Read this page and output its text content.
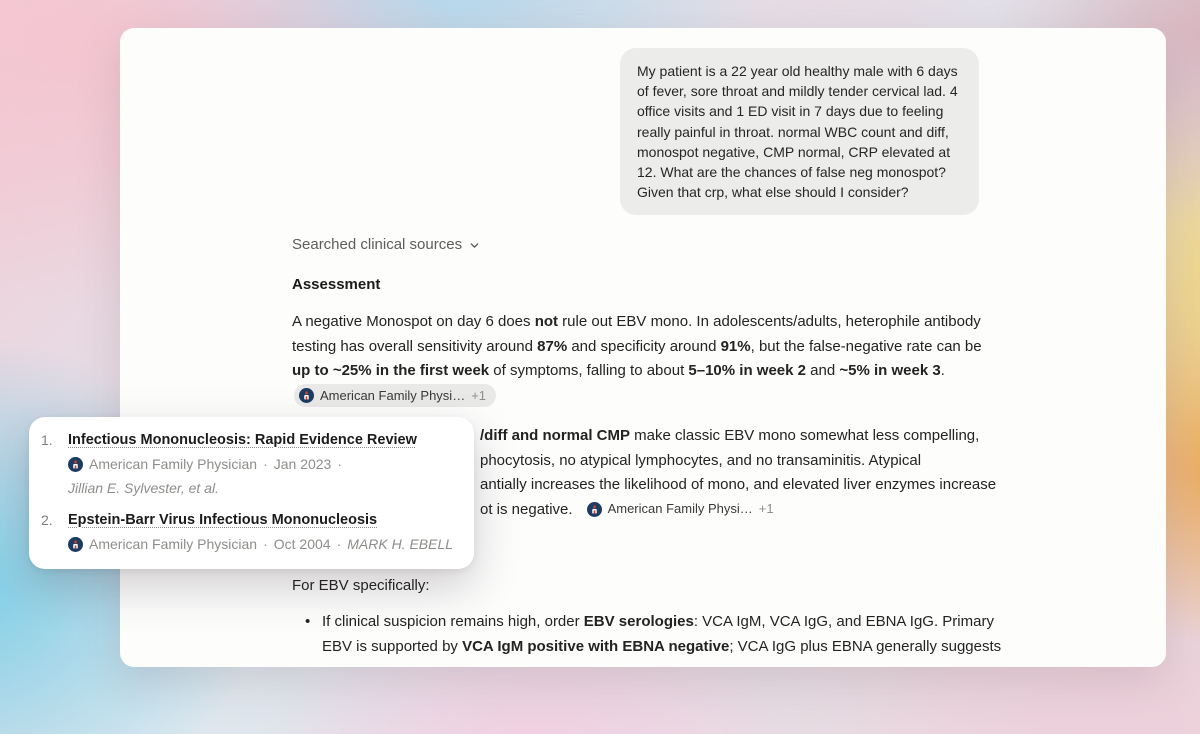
My patient is a 22 year old healthy male with 6 days of fever, sore throat and mildly tender cervical lad. 4 office visits and 1 ED visit in 7 days due to feeling really painful in throat. normal WBC count and diff, monospot negative, CMP normal, CRP elevated at 12. What are the chances of false neg monospot? Given that crp, what else should I consider?
Searched clinical sources
Assessment
A negative Monospot on day 6 does not rule out EBV mono. In adolescents/adults, heterophile antibody
testing has overall sensitivity around 87% and specificity around 91%, but the false-negative rate can be
up to ~25% in the first week of symptoms, falling to about 5–10% in week 2 and ~5% in week 3.
American Family Physi… +1
/diff and normal CMP make classic EBV mono somewhat less compelling,
phocytosis, no atypical lymphocytes, and no transaminitis. Atypical
antially increases the likelihood of mono, and elevated liver enzymes increase
ot is negative.	American Family Physi… +1
For EBV specifically:
• If clinical suspicion remains high, order EBV serologies: VCA IgM, VCA IgG, and EBNA IgG. Primary
EBV is supported by VCA IgM positive with EBNA negative; VCA IgG plus EBNA generally suggests
1.	Infectious Mononucleosis: Rapid Evidence Review
American Family Physician · Jan 2023 ·
Jillian E. Sylvester, et al.
2.	Epstein-Barr Virus Infectious Mononucleosis
American Family Physician · Oct 2004 · MARK H. EBELL
